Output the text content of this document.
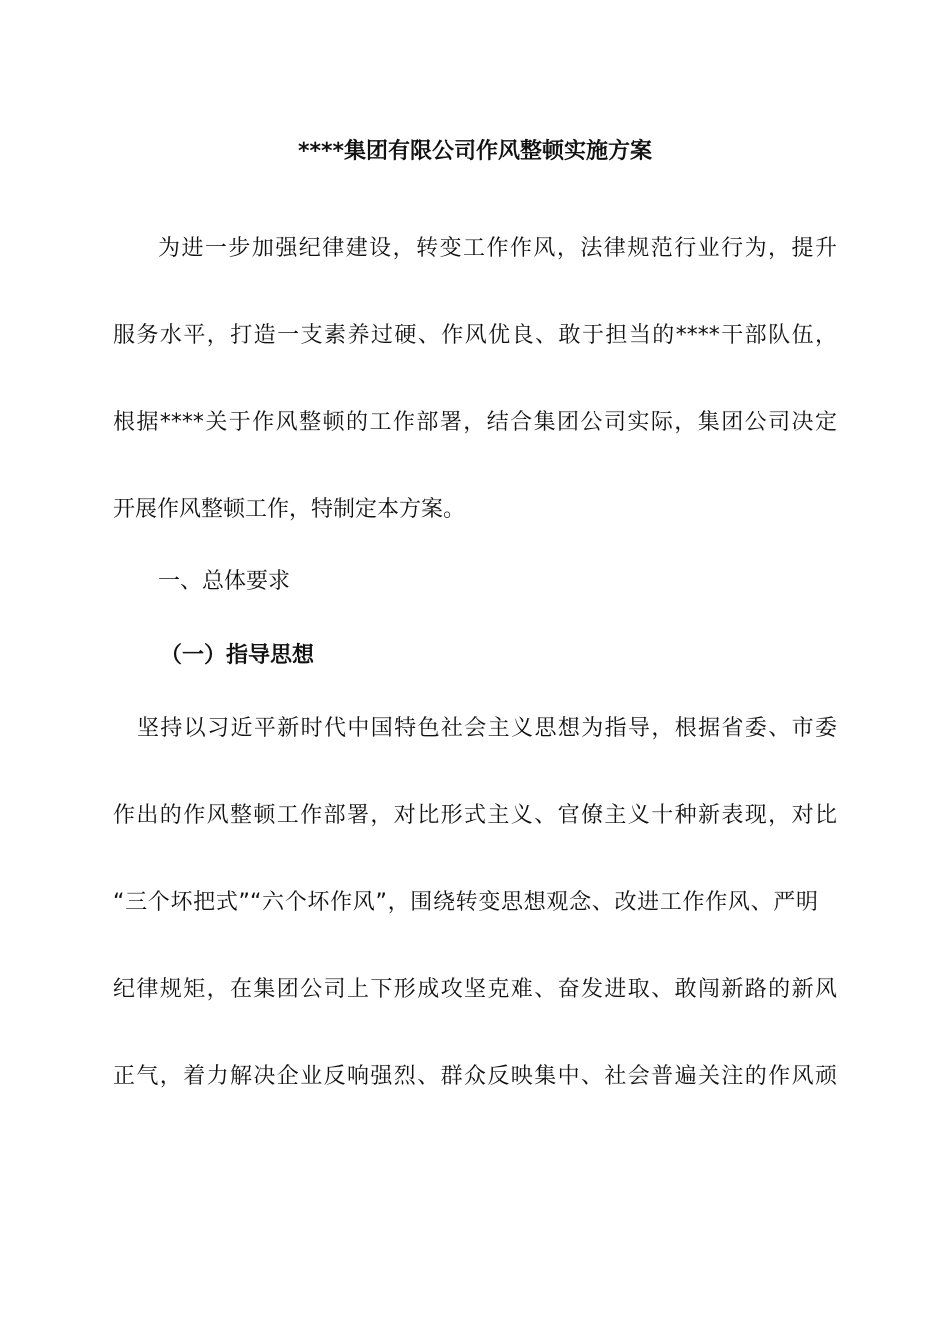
****集团有限公司作风整顿实施方案
为进一步加强纪律建设，转变工作作风，法律规范行业行为，提升
服务水平，打造一支素养过硬、作风优良、敢于担当的****干部队伍，
根据****关于作风整顿的工作部署，结合集团公司实际，集团公司决定
开展作风整顿工作，特制定本方案。
一、总体要求
（一）指导思想
坚持以习近平新时代中国特色社会主义思想为指导，根据省委、市委
作出的作风整顿工作部署，对比形式主义、官僚主义十种新表现，对比
“三个坏把式”“六个坏作风”，围绕转变思想观念、改进工作作风、严明
纪律规矩，在集团公司上下形成攻坚克难、奋发进取、敢闯新路的新风
正气，着力解决企业反响强烈、群众反映集中、社会普遍关注的作风顽
